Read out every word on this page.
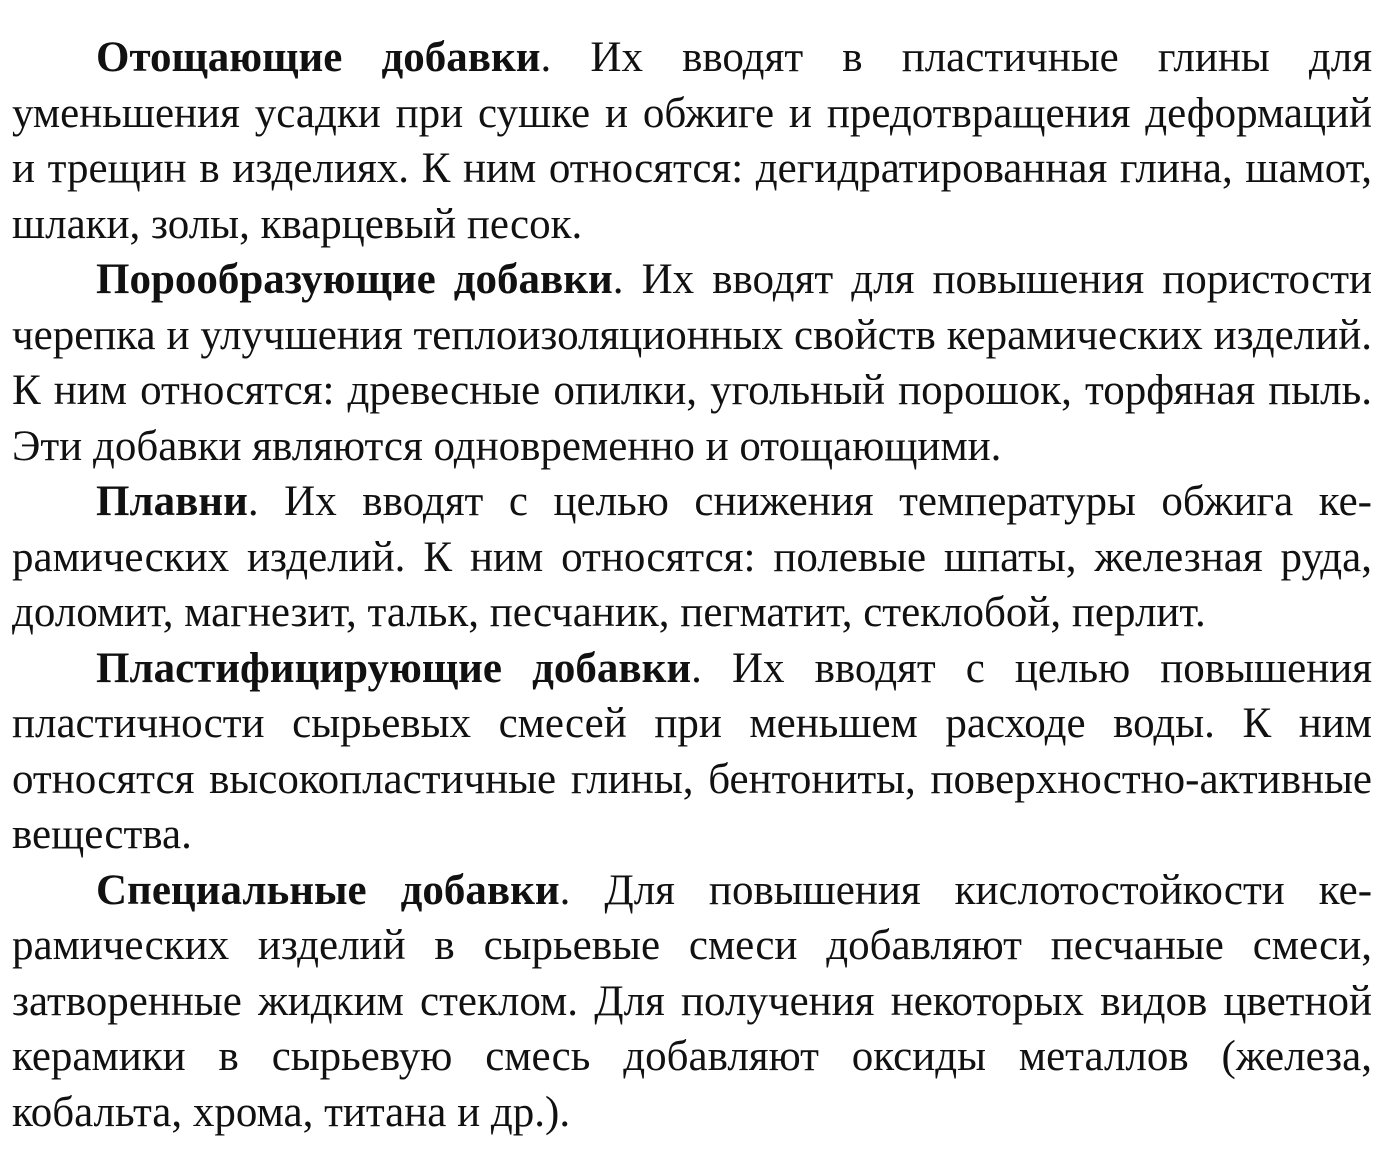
Отощающие добавки. Их вводят в пластичные глины для уменьшения усадки при сушке и обжиге и предотвращения деформаций и трещин в изделиях. К ним относятся: дегидратированная глина, шамот, шлаки, золы, кварцевый песок.

Порообразующие добавки. Их вводят для повышения пористости черепка и улучшения теплоизоляционных свойств керамических изделий. К ним относятся: древесные опилки, угольный порошок, торфяная пыль. Эти добавки являются одновременно и отощающими.

Плавни. Их вводят с целью снижения температуры обжига керамических изделий. К ним относятся: полевые шпаты, железная руда, доломит, магнезит, тальк, песчаник, пегматит, стеклобой, перлит.

Пластифицирующие добавки. Их вводят с целью повышения пластичности сырьевых смесей при меньшем расходе воды. К ним относятся высокопластичные глины, бентониты, поверхностно-активные вещества.

Специальные добавки. Для повышения кислотостойкости керамических изделий в сырьевые смеси добавляют песчаные смеси, затворенные жидким стеклом. Для получения некоторых видов цветной керамики в сырьевую смесь добавляют оксиды металлов (железа, кобальта, хрома, титана и др.).
